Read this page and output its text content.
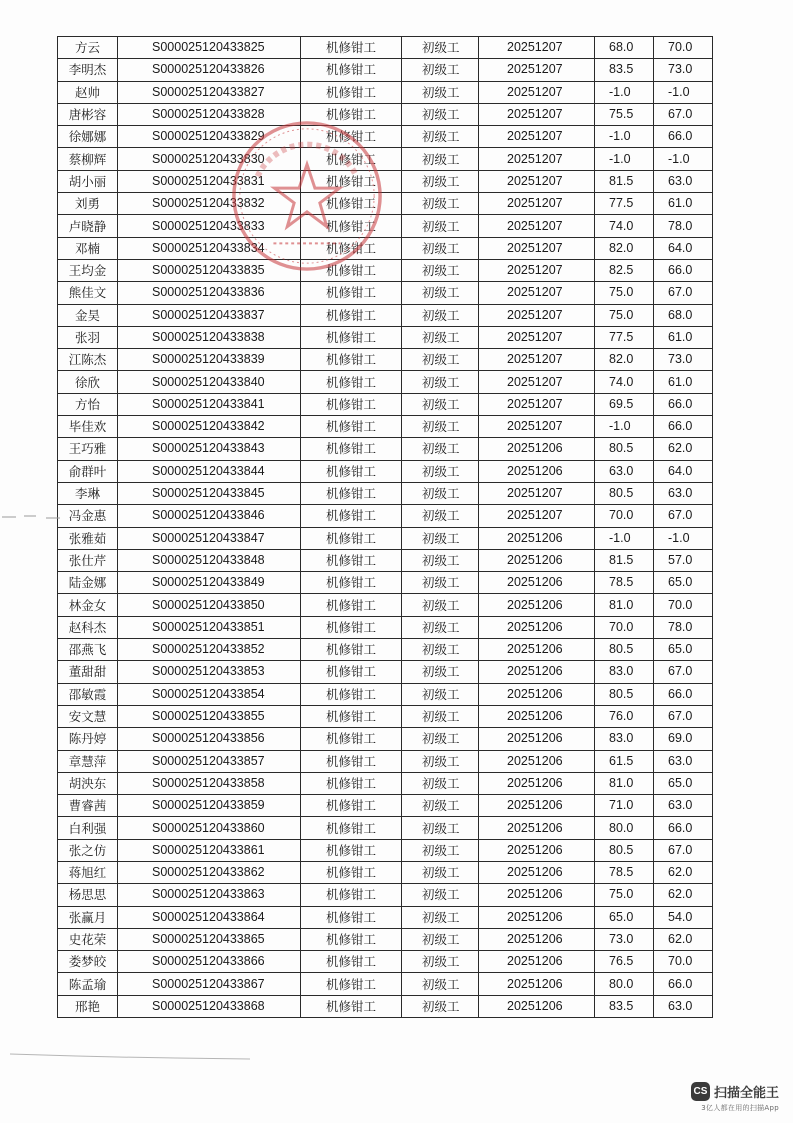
方云	S000025120433825	机修钳工	初级工	20251207	68.0	70.0
李明杰	S000025120433826	机修钳工	初级工	20251207	83.5	73.0
赵帅	S000025120433827	机修钳工	初级工	20251207	-1.0	-1.0
唐彬容	S000025120433828	机修钳工	初级工	20251207	75.5	67.0
徐娜娜	S000025120433829	机修钳工	初级工	20251207	-1.0	66.0
蔡柳辉	S000025120433830	机修钳工	初级工	20251207	-1.0	-1.0
胡小丽	S000025120433831	机修钳工	初级工	20251207	81.5	63.0
刘勇	S000025120433832	机修钳工	初级工	20251207	77.5	61.0
卢晓静	S000025120433833	机修钳工	初级工	20251207	74.0	78.0
邓楠	S000025120433834	机修钳工	初级工	20251207	82.0	64.0
王均金	S000025120433835	机修钳工	初级工	20251207	82.5	66.0
熊佳文	S000025120433836	机修钳工	初级工	20251207	75.0	67.0
金昊	S000025120433837	机修钳工	初级工	20251207	75.0	68.0
张羽	S000025120433838	机修钳工	初级工	20251207	77.5	61.0
江陈杰	S000025120433839	机修钳工	初级工	20251207	82.0	73.0
徐欣	S000025120433840	机修钳工	初级工	20251207	74.0	61.0
方怡	S000025120433841	机修钳工	初级工	20251207	69.5	66.0
毕佳欢	S000025120433842	机修钳工	初级工	20251207	-1.0	66.0
王巧雅	S000025120433843	机修钳工	初级工	20251206	80.5	62.0
俞群叶	S000025120433844	机修钳工	初级工	20251206	63.0	64.0
李琳	S000025120433845	机修钳工	初级工	20251207	80.5	63.0
冯金惠	S000025120433846	机修钳工	初级工	20251207	70.0	67.0
张雅茹	S000025120433847	机修钳工	初级工	20251206	-1.0	-1.0
张仕芹	S000025120433848	机修钳工	初级工	20251206	81.5	57.0
陆金娜	S000025120433849	机修钳工	初级工	20251206	78.5	65.0
林金女	S000025120433850	机修钳工	初级工	20251206	81.0	70.0
赵科杰	S000025120433851	机修钳工	初级工	20251206	70.0	78.0
邵燕飞	S000025120433852	机修钳工	初级工	20251206	80.5	65.0
董甜甜	S000025120433853	机修钳工	初级工	20251206	83.0	67.0
邵敏霞	S000025120433854	机修钳工	初级工	20251206	80.5	66.0
安文慧	S000025120433855	机修钳工	初级工	20251206	76.0	67.0
陈丹婷	S000025120433856	机修钳工	初级工	20251206	83.0	69.0
章慧萍	S000025120433857	机修钳工	初级工	20251206	61.5	63.0
胡泱东	S000025120433858	机修钳工	初级工	20251206	81.0	65.0
曹睿茜	S000025120433859	机修钳工	初级工	20251206	71.0	63.0
白利强	S000025120433860	机修钳工	初级工	20251206	80.0	66.0
张之仿	S000025120433861	机修钳工	初级工	20251206	80.5	67.0
蒋旭红	S000025120433862	机修钳工	初级工	20251206	78.5	62.0
杨思思	S000025120433863	机修钳工	初级工	20251206	75.0	62.0
张赢月	S000025120433864	机修钳工	初级工	20251206	65.0	54.0
史花荣	S000025120433865	机修钳工	初级工	20251206	73.0	62.0
娄梦皎	S000025120433866	机修钳工	初级工	20251206	76.5	70.0
陈孟瑜	S000025120433867	机修钳工	初级工	20251206	80.0	66.0
邢艳	S000025120433868	机修钳工	初级工	20251206	83.5	63.0
CS 扫描全能王
3亿人都在用的扫描App
